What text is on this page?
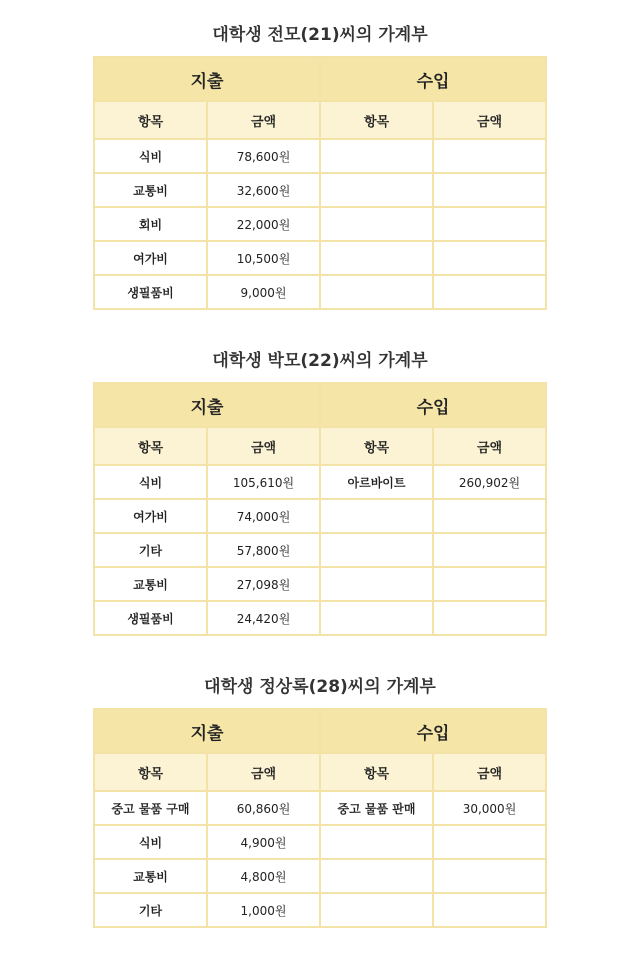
대학생 전모(21)씨의 가계부
지출		수입	
항목	금액	항목	금액
식비	78,600원		
교통비	32,600원		
회비	22,000원		
여가비	10,500원		
생필품비	9,000원		
대학생 박모(22)씨의 가계부
지출		수입	
항목	금액	항목	금액
식비	105,610원	아르바이트	260,902원
여가비	74,000원		
기타	57,800원		
교통비	27,098원		
생필품비	24,420원		
대학생 정상록(28)씨의 가계부
지출		수입	
항목	금액	항목	금액
중고 물품 구매	60,860원	중고 물품 판매	30,000원
식비	4,900원		
교통비	4,800원		
기타	1,000원		
